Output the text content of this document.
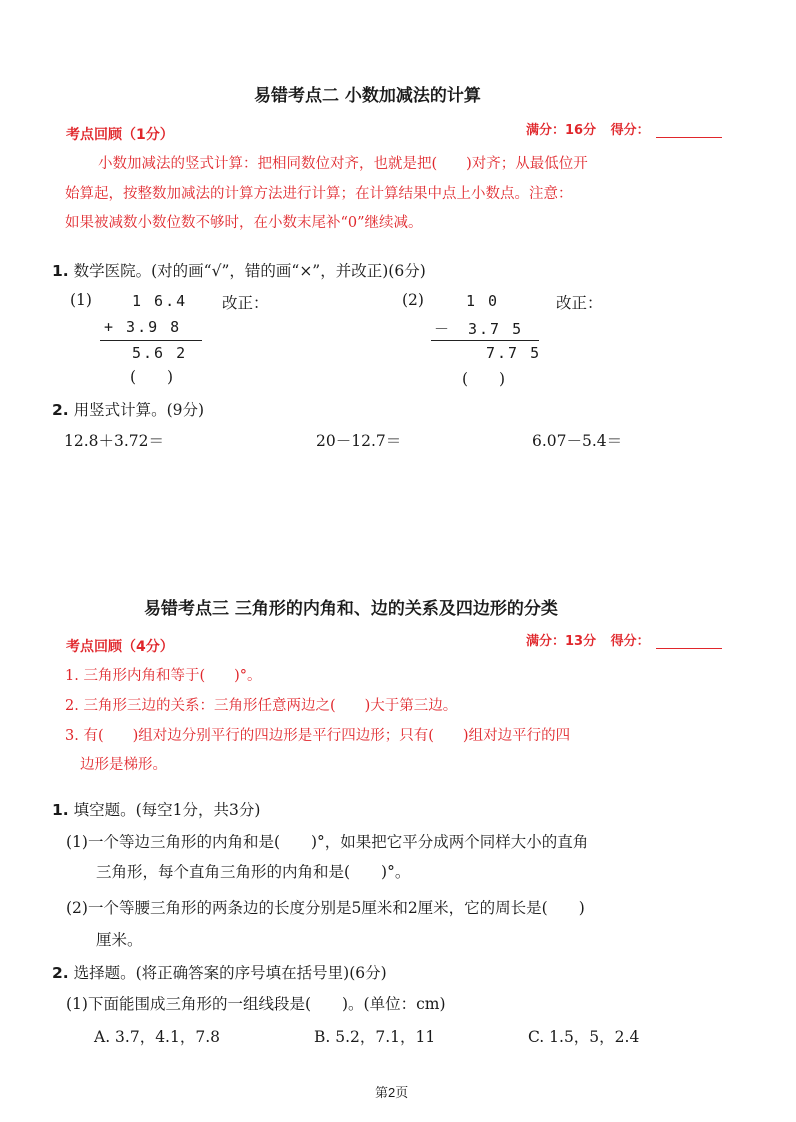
易错考点二 小数加减法的计算
考点回顾（1分）	满分：16分 得分：
小数加减法的竖式计算：把相同数位对齐，也就是把(　　)对齐；从最低位开
始算起，按整数加减法的计算方法进行计算；在计算结果中点上小数点。注意：
如果被减数小数位数不够时，在小数末尾补“0”继续减。
1. 数学医院。(对的画“√”，错的画“×”，并改正)(6分)
(1)	1 6.4 改正：
+ 3.9 8
5.6 2
(　　)
(2)	1 0	改正：
－　3.7 5
7.7 5
(　　)
2. 用竖式计算。(9分)
12.8＋3.72＝	20－12.7＝	6.07－5.4＝
易错考点三 三角形的内角和、边的关系及四边形的分类
考点回顾（4分）	满分：13分 得分：
1. 三角形内角和等于(　　)°。
2. 三角形三边的关系：三角形任意两边之(　　)大于第三边。
3. 有(　　)组对边分别平行的四边形是平行四边形；只有(　　)组对边平行的四
边形是梯形。
1. 填空题。(每空1分，共3分)
(1)一个等边三角形的内角和是(　　)°，如果把它平分成两个同样大小的直角
三角形，每个直角三角形的内角和是(　　)°。
(2)一个等腰三角形的两条边的长度分别是5厘米和2厘米，它的周长是(　　)
厘米。
2. 选择题。(将正确答案的序号填在括号里)(6分)
(1)下面能围成三角形的一组线段是(　　)。(单位：cm)
A. 3.7，4.1，7.8	B. 5.2，7.1，11	C. 1.5，5，2.4
第2页
